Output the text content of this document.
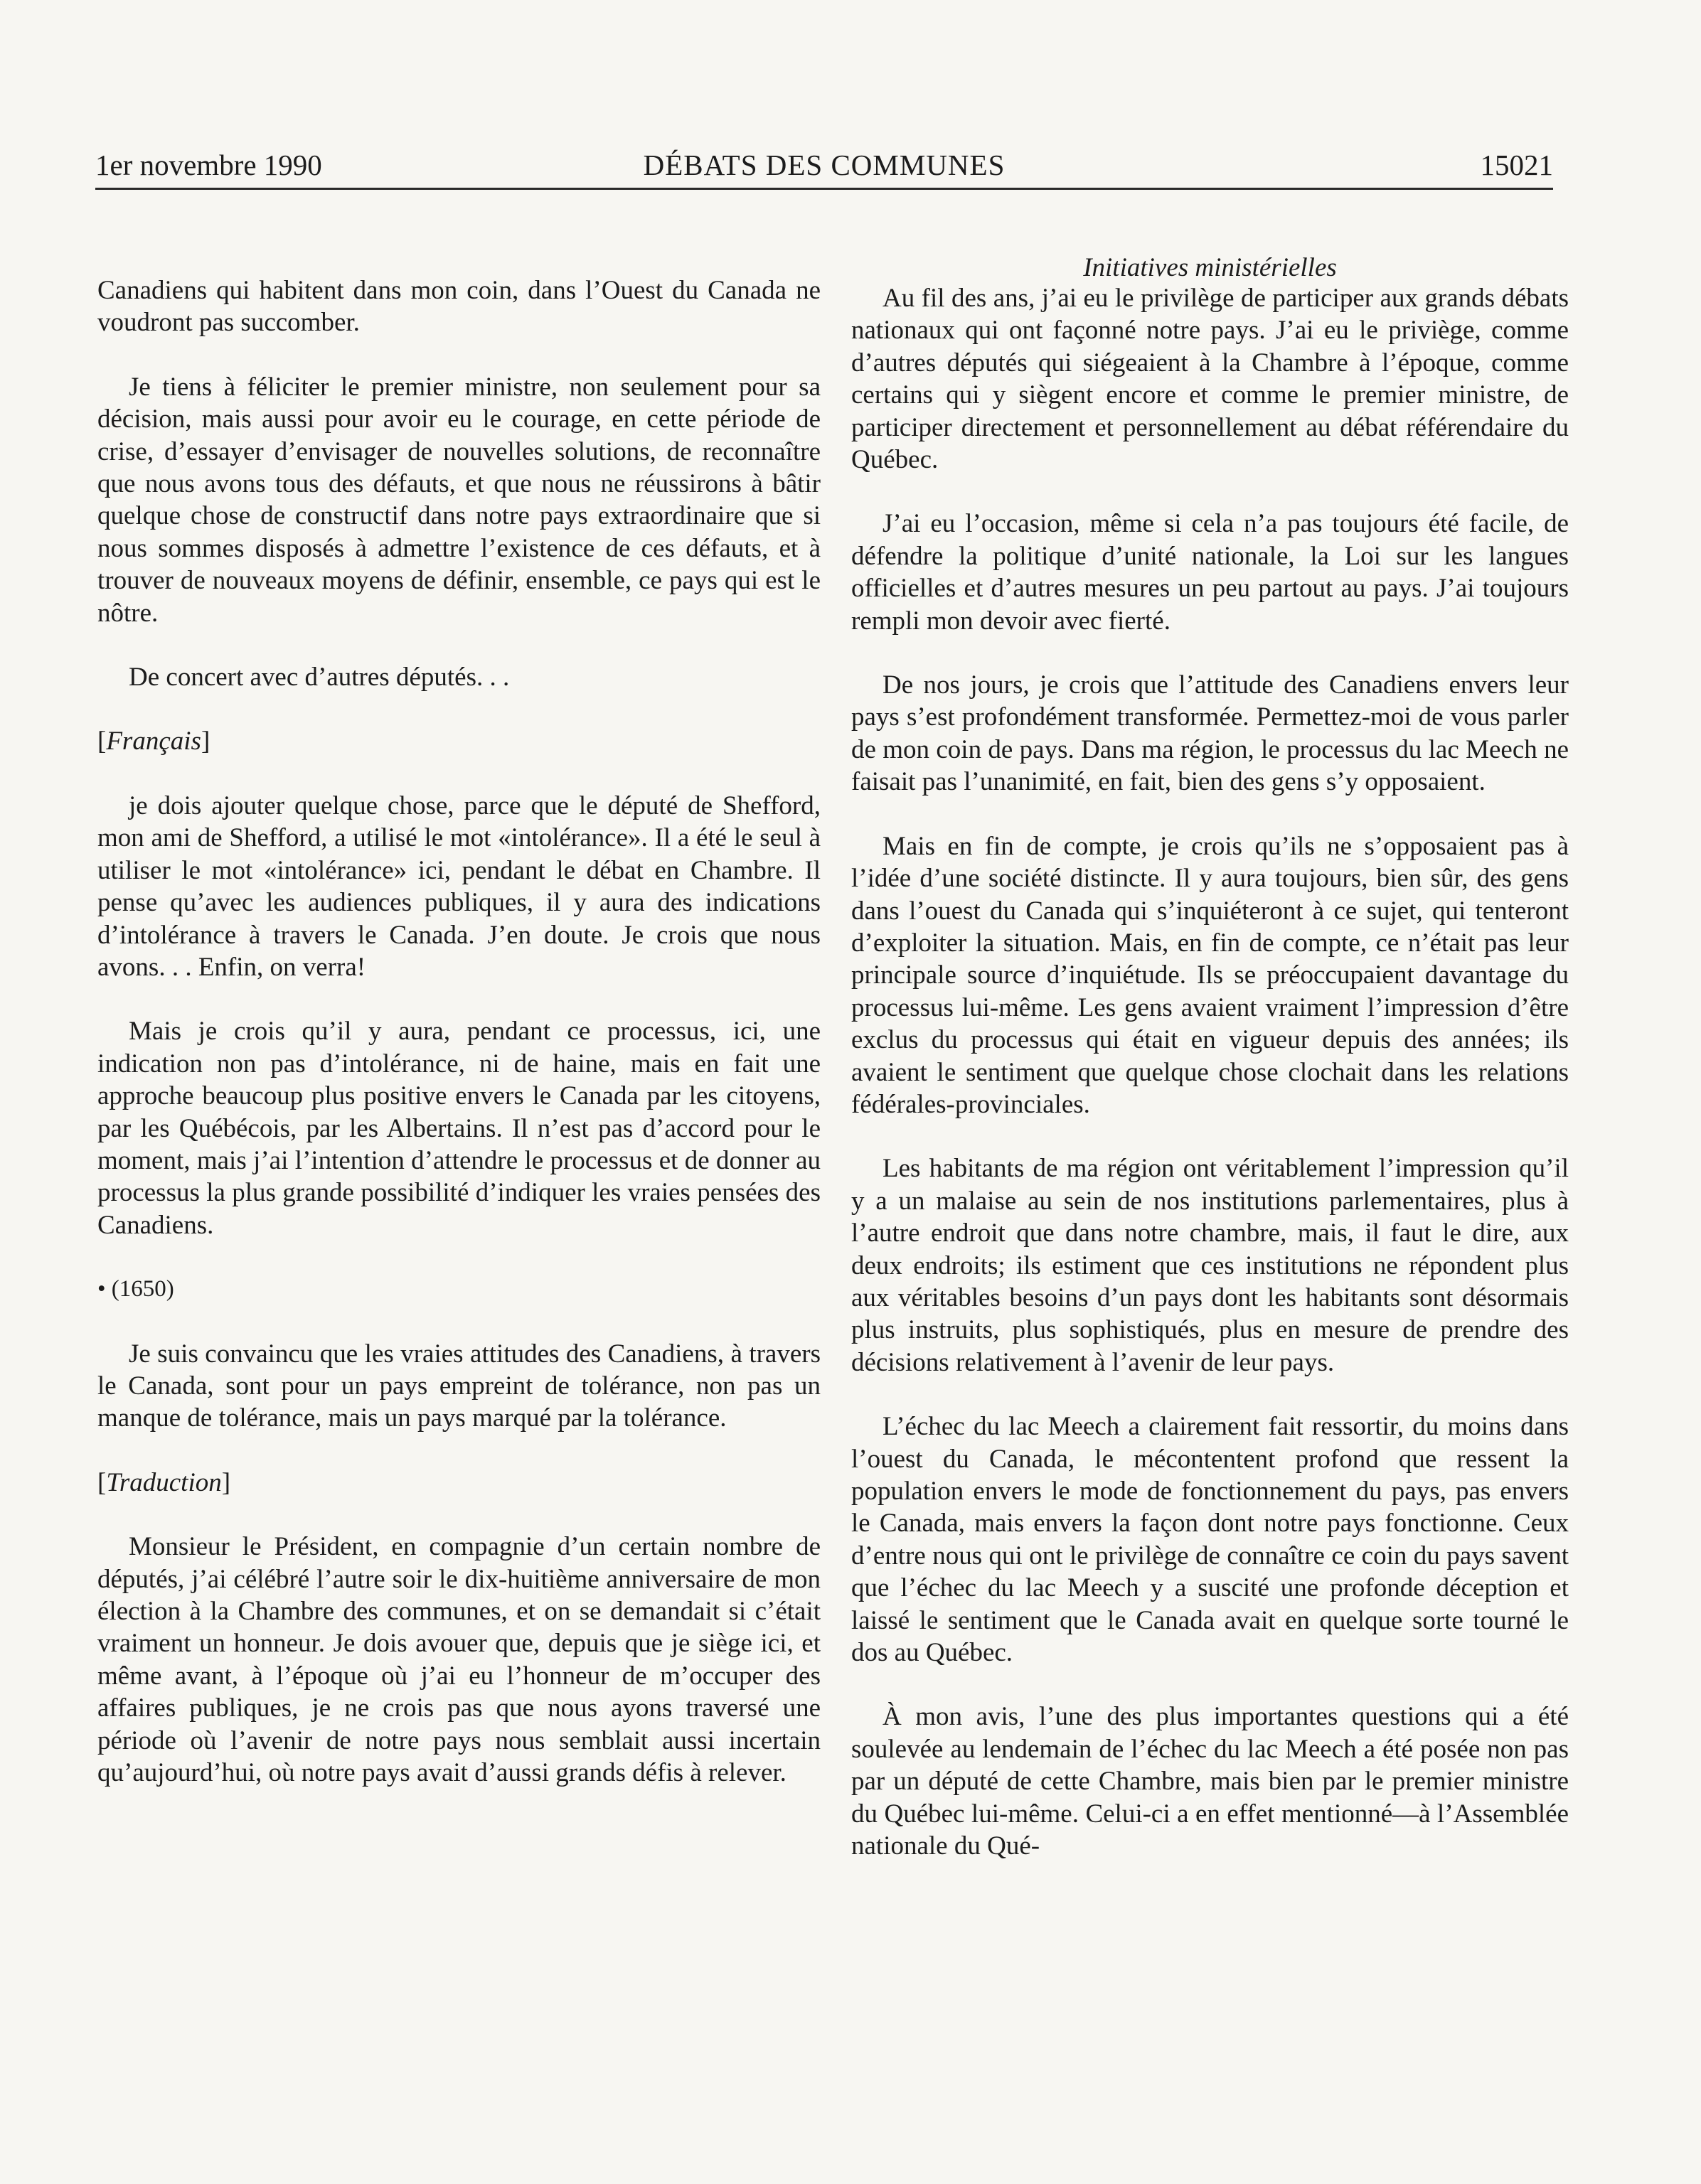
1er novembre 1990	DÉBATS DES COMMUNES	15021

Canadiens qui habitent dans mon coin, dans l’Ouest du Canada ne voudront pas succomber.

Je tiens à féliciter le premier ministre, non seulement pour sa décision, mais aussi pour avoir eu le courage, en cette période de crise, d’essayer d’envisager de nouvelles solutions, de reconnaître que nous avons tous des défauts, et que nous ne réussirons à bâtir quelque chose de constructif dans notre pays extraordinaire que si nous sommes disposés à admettre l’existence de ces défauts, et à trouver de nouveaux moyens de définir, ensemble, ce pays qui est le nôtre.

De concert avec d’autres députés. . .

[Français]

je dois ajouter quelque chose, parce que le député de Shefford, mon ami de Shefford, a utilisé le mot «intolérance». Il a été le seul à utiliser le mot «intolérance» ici, pendant le débat en Chambre. Il pense qu’avec les audiences publiques, il y aura des indications d’intolérance à travers le Canada. J’en doute. Je crois que nous avons. . . Enfin, on verra!

Mais je crois qu’il y aura, pendant ce processus, ici, une indication non pas d’intolérance, ni de haine, mais en fait une approche beaucoup plus positive envers le Canada par les citoyens, par les Québécois, par les Albertains. Il n’est pas d’accord pour le moment, mais j’ai l’intention d’attendre le processus et de donner au processus la plus grande possibilité d’indiquer les vraies pensées des Canadiens.

• (1650)

Je suis convaincu que les vraies attitudes des Canadiens, à travers le Canada, sont pour un pays empreint de tolérance, non pas un manque de tolérance, mais un pays marqué par la tolérance.

[Traduction]

Monsieur le Président, en compagnie d’un certain nombre de députés, j’ai célébré l’autre soir le dix-huitième anniversaire de mon élection à la Chambre des communes, et on se demandait si c’était vraiment un honneur. Je dois avouer que, depuis que je siège ici, et même avant, à l’époque où j’ai eu l’honneur de m’occuper des affaires publiques, je ne crois pas que nous ayons traversé une période où l’avenir de notre pays nous semblait aussi incertain qu’aujourd’hui, où notre pays avait d’aussi grands défis à relever.

Initiatives ministérielles

Au fil des ans, j’ai eu le privilège de participer aux grands débats nationaux qui ont façonné notre pays. J’ai eu le priviège, comme d’autres députés qui siégeaient à la Chambre à l’époque, comme certains qui y siègent encore et comme le premier ministre, de participer directement et personnellement au débat référendaire du Québec.

J’ai eu l’occasion, même si cela n’a pas toujours été facile, de défendre la politique d’unité nationale, la Loi sur les langues officielles et d’autres mesures un peu partout au pays. J’ai toujours rempli mon devoir avec fierté.

De nos jours, je crois que l’attitude des Canadiens envers leur pays s’est profondément transformée. Permettez-moi de vous parler de mon coin de pays. Dans ma région, le processus du lac Meech ne faisait pas l’unanimité, en fait, bien des gens s’y opposaient.

Mais en fin de compte, je crois qu’ils ne s’opposaient pas à l’idée d’une société distincte. Il y aura toujours, bien sûr, des gens dans l’ouest du Canada qui s’inquiéteront à ce sujet, qui tenteront d’exploiter la situation. Mais, en fin de compte, ce n’était pas leur principale source d’inquiétude. Ils se préoccupaient davantage du processus lui-même. Les gens avaient vraiment l’impression d’être exclus du processus qui était en vigueur depuis des années; ils avaient le sentiment que quelque chose clochait dans les relations fédérales-provinciales.

Les habitants de ma région ont véritablement l’impression qu’il y a un malaise au sein de nos institutions parlementaires, plus à l’autre endroit que dans notre chambre, mais, il faut le dire, aux deux endroits; ils estiment que ces institutions ne répondent plus aux véritables besoins d’un pays dont les habitants sont désormais plus instruits, plus sophistiqués, plus en mesure de prendre des décisions relativement à l’avenir de leur pays.

L’échec du lac Meech a clairement fait ressortir, du moins dans l’ouest du Canada, le mécontentent profond que ressent la population envers le mode de fonctionnement du pays, pas envers le Canada, mais envers la façon dont notre pays fonctionne. Ceux d’entre nous qui ont le privilège de connaître ce coin du pays savent que l’échec du lac Meech y a suscité une profonde déception et laissé le sentiment que le Canada avait en quelque sorte tourné le dos au Québec.

À mon avis, l’une des plus importantes questions qui a été soulevée au lendemain de l’échec du lac Meech a été posée non pas par un député de cette Chambre, mais bien par le premier ministre du Québec lui-même. Celui-ci a en effet mentionné—à l’Assemblée nationale du Qué-
